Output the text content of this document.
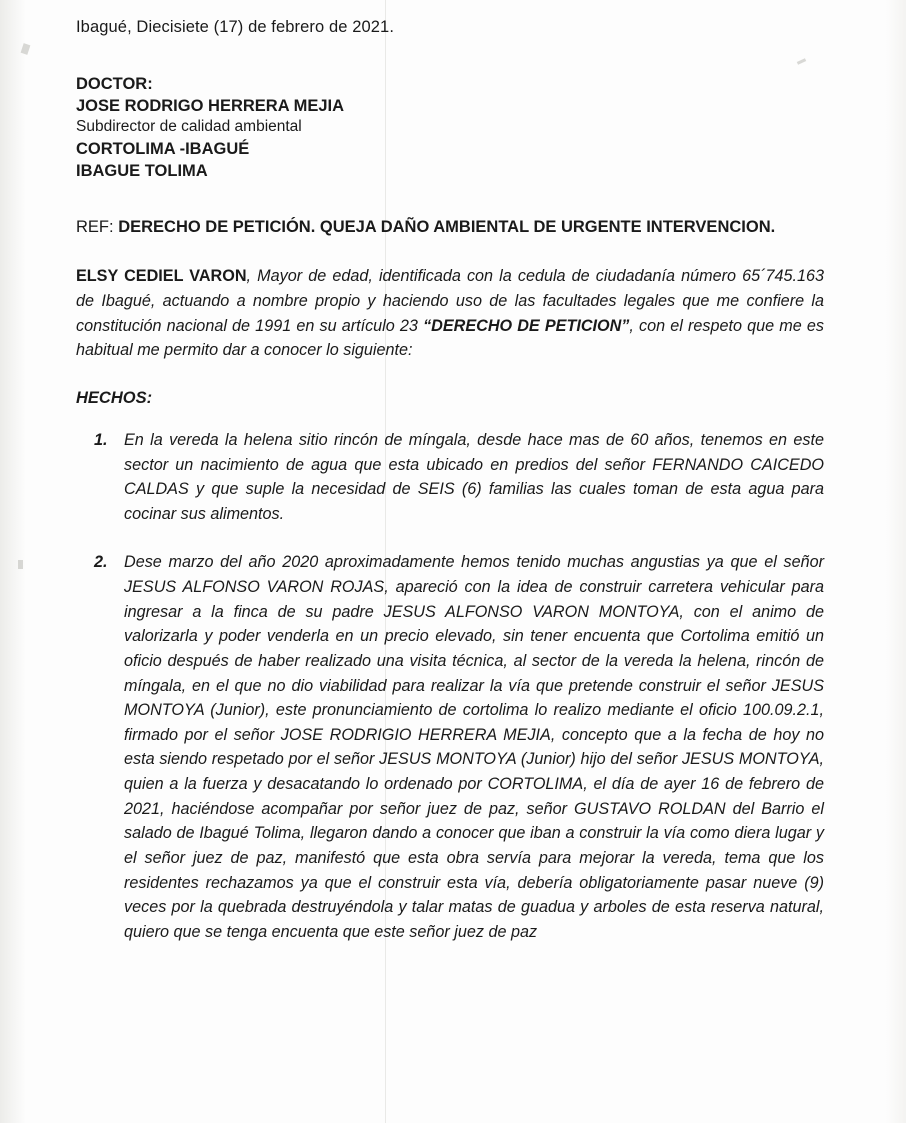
Ibagué, Diecisiete (17) de febrero de 2021.
DOCTOR:
JOSE RODRIGO HERRERA MEJIA
Subdirector de calidad ambiental
CORTOLIMA -IBAGUÉ
IBAGUE TOLIMA
REF: DERECHO DE PETICIÓN. QUEJA DAÑO AMBIENTAL DE URGENTE INTERVENCION.
ELSY CEDIEL VARON, Mayor de edad, identificada con la cedula de ciudadanía número 65´745.163 de Ibagué, actuando a nombre propio y haciendo uso de las facultades legales que me confiere la constitución nacional de 1991 en su artículo 23 “DERECHO DE PETICION”, con el respeto que me es habitual me permito dar a conocer lo siguiente:
HECHOS:
En la vereda la helena sitio rincón de míngala, desde hace mas de 60 años, tenemos en este sector un nacimiento de agua que esta ubicado en predios del señor FERNANDO CAICEDO CALDAS y que suple la necesidad de SEIS (6) familias las cuales toman de esta agua para cocinar sus alimentos.
Dese marzo del año 2020 aproximadamente hemos tenido muchas angustias ya que el señor JESUS ALFONSO VARON ROJAS, apareció con la idea de construir carretera vehicular para ingresar a la finca de su padre JESUS ALFONSO VARON MONTOYA, con el animo de valorizarla y poder venderla en un precio elevado, sin tener encuenta que Cortolima emitió un oficio después de haber realizado una visita técnica, al sector de la vereda la helena, rincón de míngala, en el que no dio viabilidad para realizar la vía que pretende construir el señor JESUS MONTOYA (Junior), este pronunciamiento de cortolima lo realizo mediante el oficio 100.09.2.1, firmado por el señor JOSE RODRIGIO HERRERA MEJIA, concepto que a la fecha de hoy no esta siendo respetado por el señor JESUS MONTOYA (Junior) hijo del señor JESUS MONTOYA, quien a la fuerza y desacatando lo ordenado por CORTOLIMA, el día de ayer 16 de febrero de 2021, haciéndose acompañar por señor juez de paz, señor GUSTAVO ROLDAN del Barrio el salado de Ibagué Tolima, llegaron dando a conocer que iban a construir la vía como diera lugar y el señor juez de paz, manifestó que esta obra servía para mejorar la vereda, tema que los residentes rechazamos ya que el construir esta vía, debería obligatoriamente pasar nueve (9) veces por la quebrada destruyéndola y talar matas de guadua y arboles de esta reserva natural, quiero que se tenga encuenta que este señor juez de paz
